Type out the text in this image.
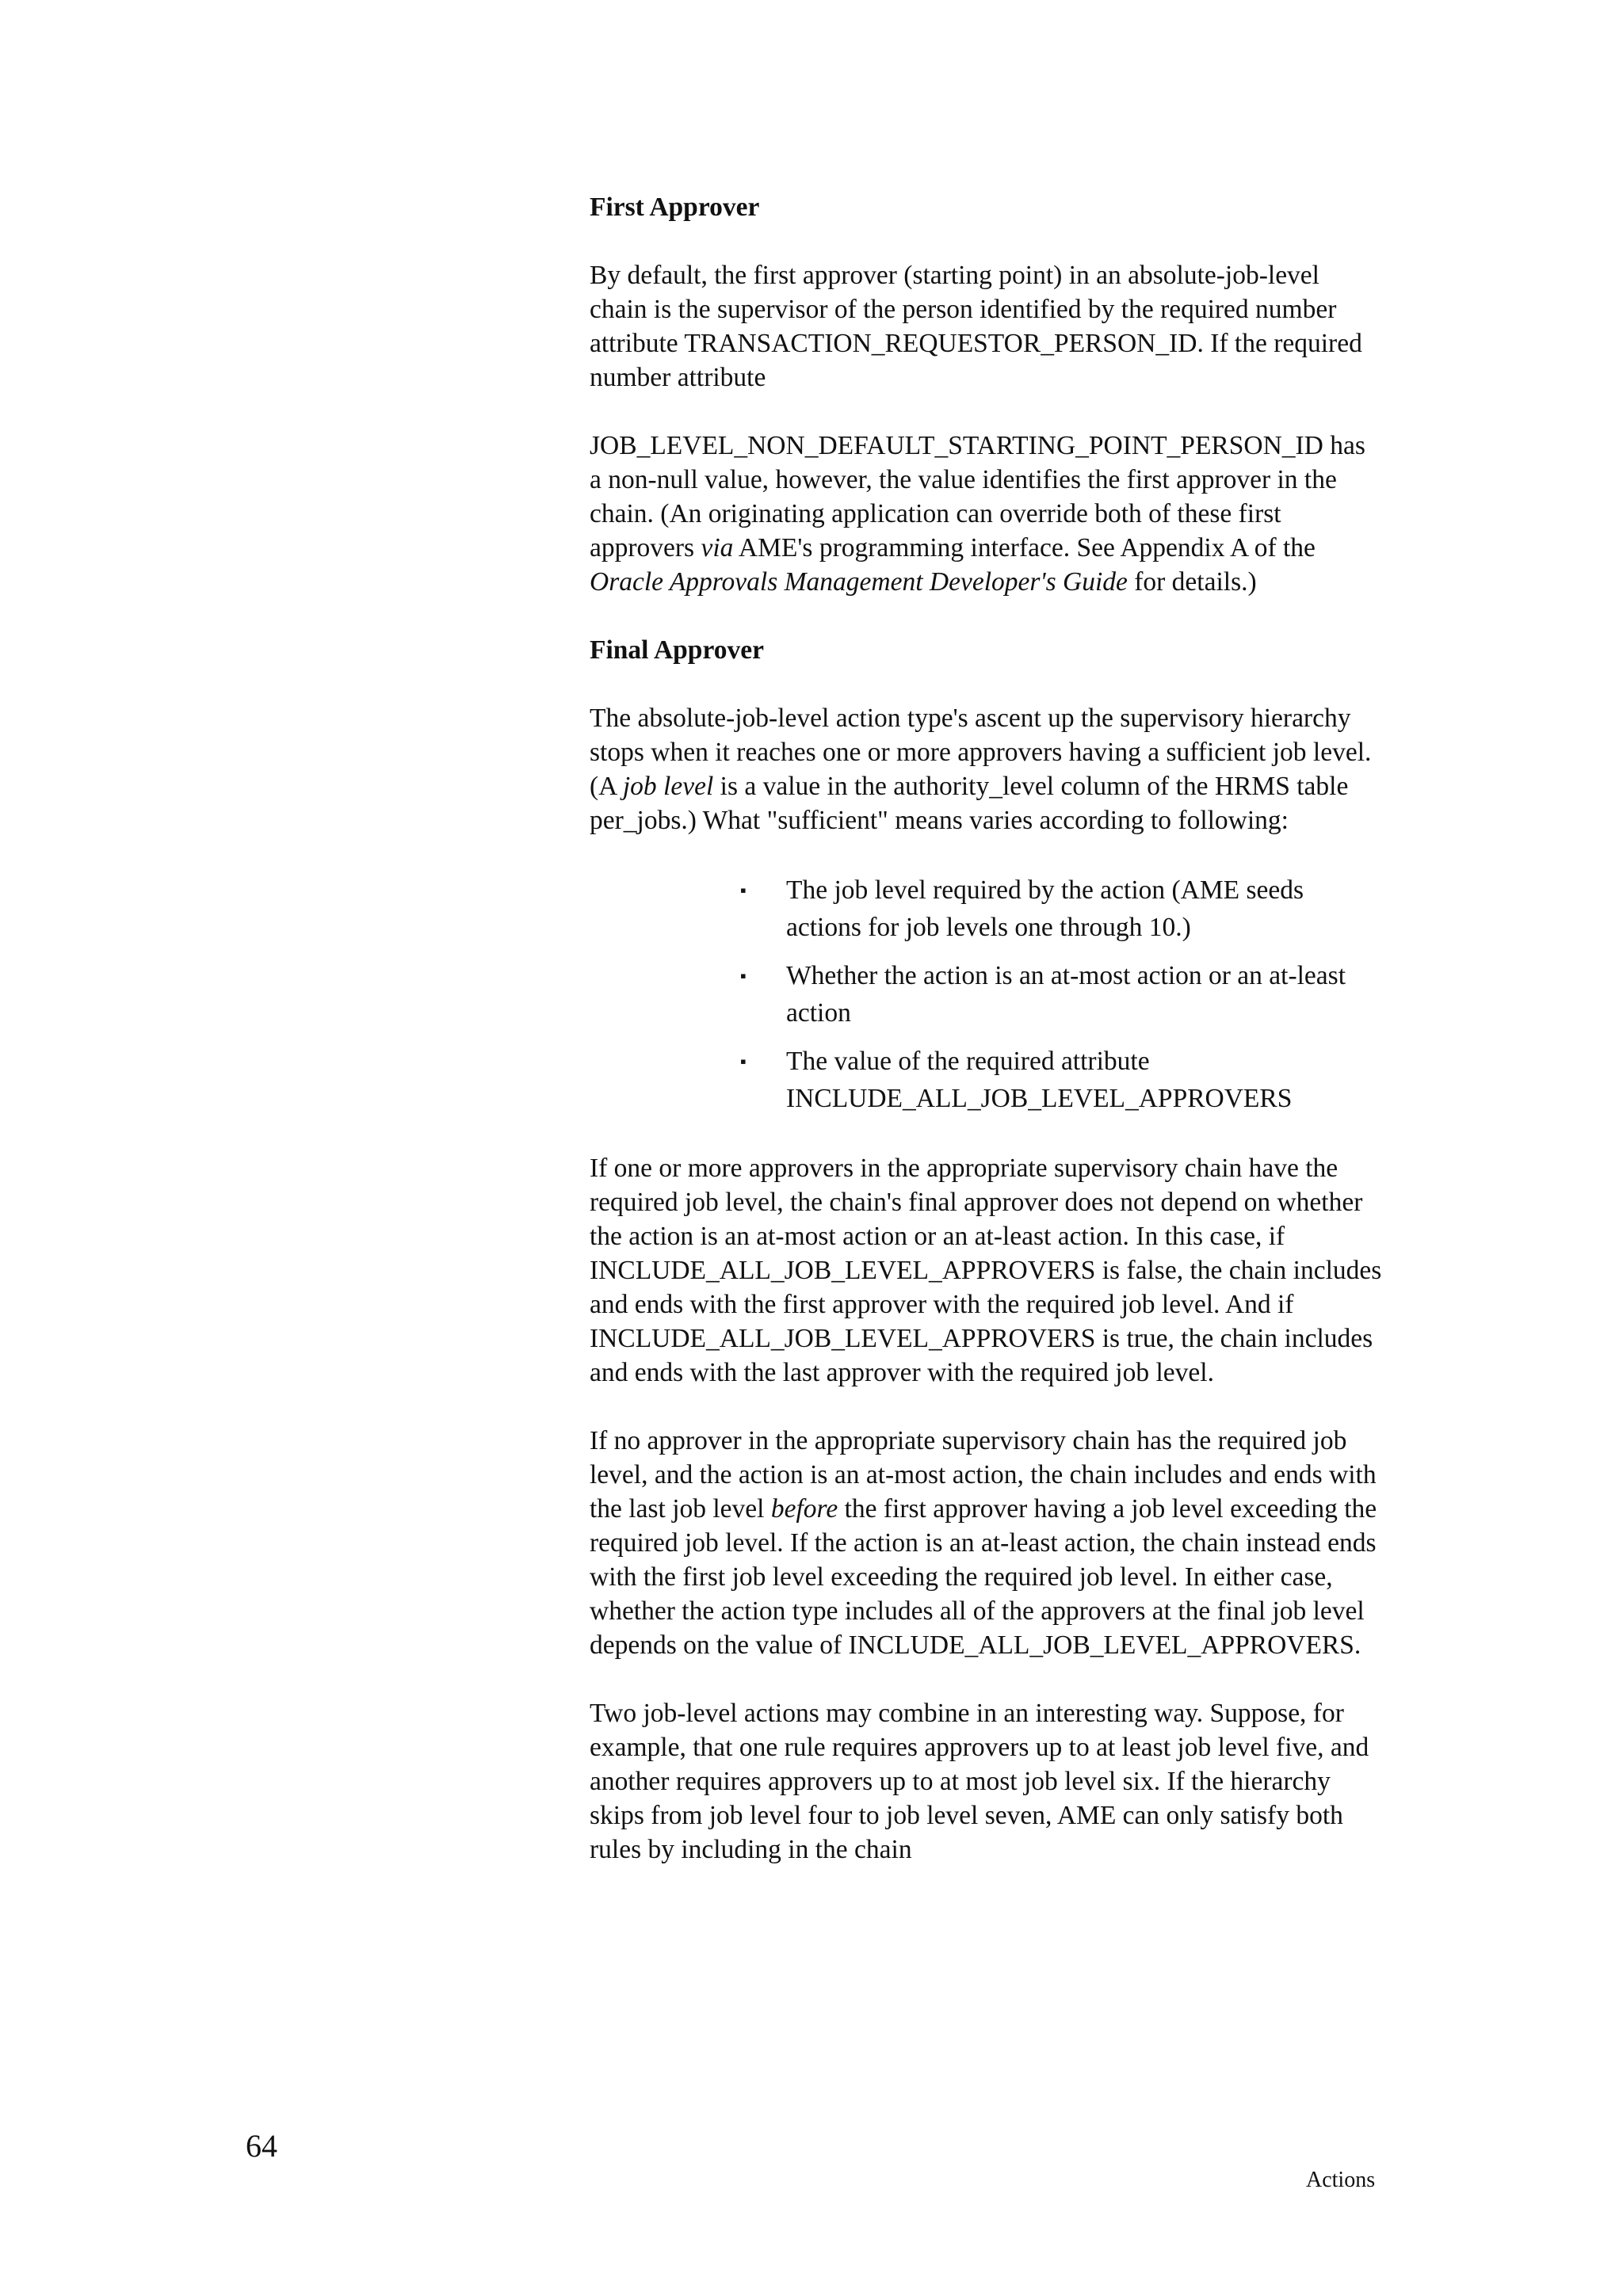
First Approver

By default, the first approver (starting point) in an absolute-job-level chain is the supervisor of the person identified by the required number attribute TRANSACTION_REQUESTOR_PERSON_ID. If the required number attribute

JOB_LEVEL_NON_DEFAULT_STARTING_POINT_PERSON_ID has a non-null value, however, the value identifies the first approver in the chain. (An originating application can override both of these first approvers via AME's programming interface. See Appendix A of the Oracle Approvals Management Developer's Guide for details.)

Final Approver

The absolute-job-level action type's ascent up the supervisory hierarchy stops when it reaches one or more approvers having a sufficient job level. (A job level is a value in the authority_level column of the HRMS table per_jobs.) What "sufficient" means varies according to following:

▪ The job level required by the action (AME seeds actions for job levels one through 10.)
▪ Whether the action is an at-most action or an at-least action
▪ The value of the required attribute INCLUDE_ALL_JOB_LEVEL_APPROVERS

If one or more approvers in the appropriate supervisory chain have the required job level, the chain's final approver does not depend on whether the action is an at-most action or an at-least action. In this case, if INCLUDE_ALL_JOB_LEVEL_APPROVERS is false, the chain includes and ends with the first approver with the required job level. And if INCLUDE_ALL_JOB_LEVEL_APPROVERS is true, the chain includes and ends with the last approver with the required job level.

If no approver in the appropriate supervisory chain has the required job level, and the action is an at-most action, the chain includes and ends with the last job level before the first approver having a job level exceeding the required job level. If the action is an at-least action, the chain instead ends with the first job level exceeding the required job level. In either case, whether the action type includes all of the approvers at the final job level depends on the value of INCLUDE_ALL_JOB_LEVEL_APPROVERS.

Two job-level actions may combine in an interesting way. Suppose, for example, that one rule requires approvers up to at least job level five, and another requires approvers up to at most job level six. If the hierarchy skips from job level four to job level seven, AME can only satisfy both rules by including in the chain

64
Actions
